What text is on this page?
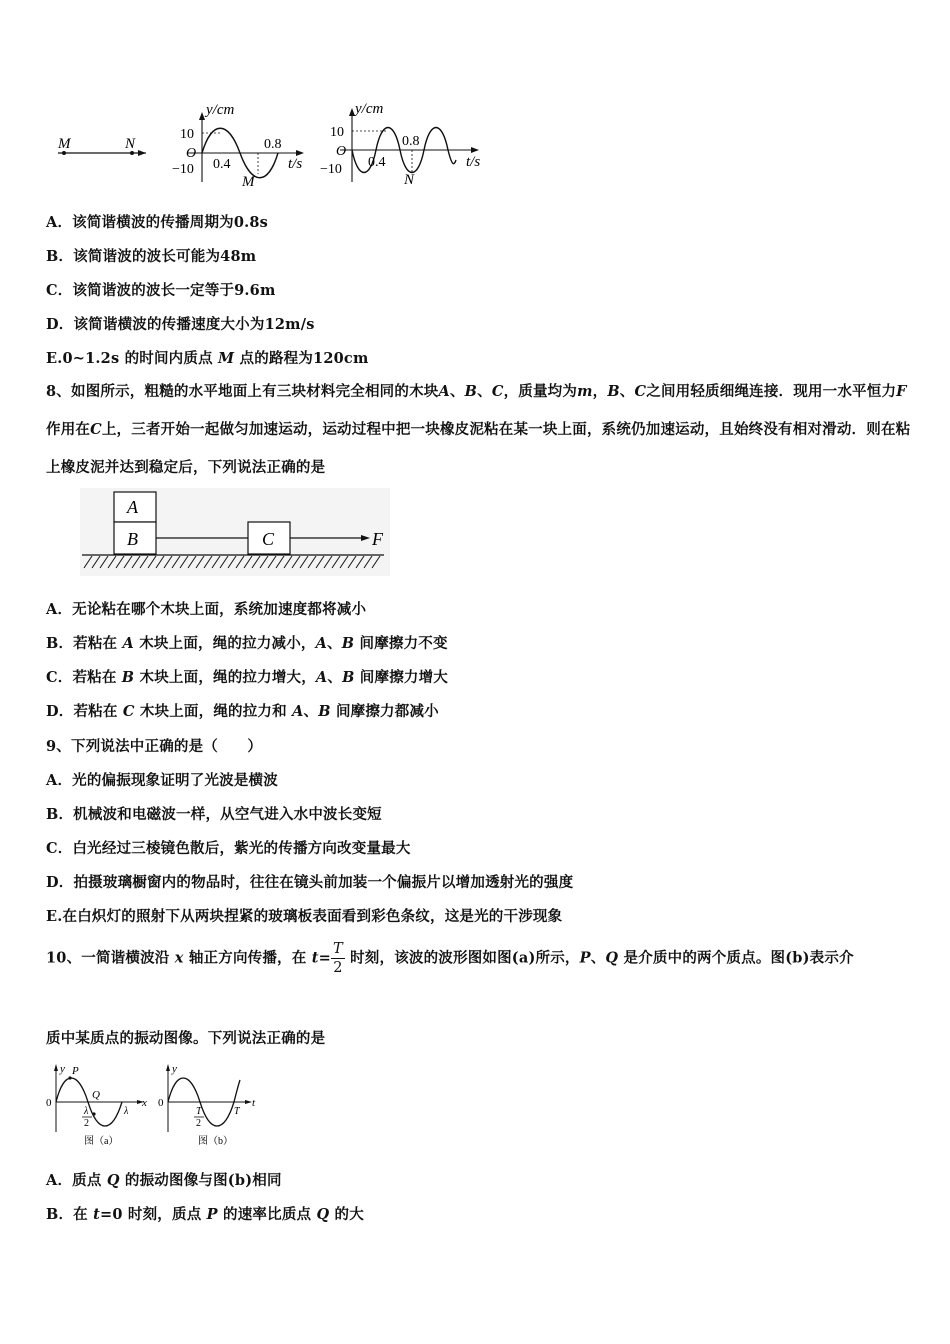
M	N
y/cm
10
O
−10 0.4
0.8
t/s
M
y/cm
10
O
−10 0.4
0.8
t/s
N
A．该简谐横波的传播周期为0.8s
B．该简谐波的波长可能为48m
C．该简谐波的波长一定等于9.6m
D．该简谐横波的传播速度大小为12m/s
E.0~1.2s 的时间内质点 M 点的路程为120cm
8、如图所示，粗糙的水平地面上有三块材料完全相同的木块A、B、C，质量均为m，B、C之间用轻质细绳连接．现用一水平恒力F作用在C上，三者开始一起做匀加速运动，运动过程中把一块橡皮泥粘在某一块上面，系统仍加速运动，且始终没有相对滑动．则在粘上橡皮泥并达到稳定后，下列说法正确的是
A
B	C	F
A．无论粘在哪个木块上面，系统加速度都将减小
B．若粘在 A 木块上面，绳的拉力减小，A、B 间摩擦力不变
C．若粘在 B 木块上面，绳的拉力增大，A、B 间摩擦力增大
D．若粘在 C 木块上面，绳的拉力和 A、B 间摩擦力都减小
9、下列说法中正确的是（　　）
A．光的偏振现象证明了光波是横波
B．机械波和电磁波一样，从空气进入水中波长变短
C．白光经过三棱镜色散后，紫光的传播方向改变量最大
D．拍摄玻璃橱窗内的物品时，往往在镜头前加装一个偏振片以增加透射光的强度
E.在白炽灯的照射下从两块捏紧的玻璃板表面看到彩色条纹，这是光的干涉现象
10、一简谐横波沿 x 轴正方向传播，在 $t= \frac{T}{2}$ 时刻，该波的波形图如图(a)所示，P、Q 是介质中的两个质点。图(b)表示介
质中某质点的振动图像。下列说法正确的是
y P
Q
0
λ
2
λ
x
图（a）
y
0
T
2
T
t
图（b）
A．质点 Q 的振动图像与图(b)相同
B．在 t=0 时刻，质点 P 的速率比质点 Q 的大
